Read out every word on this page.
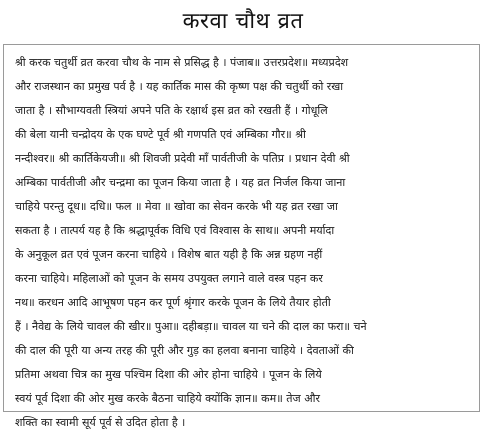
करवा चौथ व्रत
श्री करक चतुर्थी व्रत करवा चौथ के नाम से प्रसिद्ध है । पंजाब॥ उत्तरप्रदेश॥ मध्यप्रदेश
और राजस्थान का प्रमुख पर्व है । यह कार्तिक मास की कृष्ण पक्ष की चतुर्थी को रखा
जाता है । सौभाग्यवती स्त्रियां अपने पति के रक्षार्थ इस व्रत को रखती हैं । गोधूलि
की बेला यानी चन्द्रोदय के एक घण्टे पूर्व श्री गणपति एवं अम्बिका गौर॥ श्री
नन्दीश्वर॥ श्री कार्तिकेयजी॥ श्री शिवजी प्रदेवी माँ पार्वतीजी के पतिप्र । प्रधान देवी श्री
अम्बिका पार्वतीजी और चन्द्रमा का पूजन किया जाता है । यह व्रत निर्जल किया जाना
चाहिये परन्तु दूध॥ दधि॥ फल ॥ मेवा ॥ खोवा का सेवन करके भी यह व्रत रखा जा
सकता है । तात्पर्य यह है कि श्रद्धापूर्वक विधि एवं विश्वास के साथ॥ अपनी मर्यादा
के अनुकूल व्रत एवं पूजन करना चाहिये । विशेष बात यही है कि अन्न ग्रहण नहीं
करना चाहिये। महिलाओं को पूजन के समय उपयुक्त लगाने वाले वस्त्र पहन कर
नथ॥ करधन आदि आभूषण पहन कर पूर्ण श्रृंगार करके पूजन के लिये तैयार होती
हैं । नैवेद्य के लिये चावल की खीर॥ पुआ॥ दहीबड़ा॥ चावल या चने की दाल का फरा॥ चने
की दाल की पूरी या अन्य तरह की पूरी और गुड़ का हलवा बनाना चाहिये । देवताओं की
प्रतिमा अथवा चित्र का मुख पश्चिम दिशा की ओर होना चाहिये । पूजन के लिये
स्वयं पूर्व दिशा की ओर मुख करके बैठना चाहिये क्योंकि ज्ञान॥ कम॥ तेज और
शक्ति का स्वामी सूर्य पूर्व से उदित होता है ।
